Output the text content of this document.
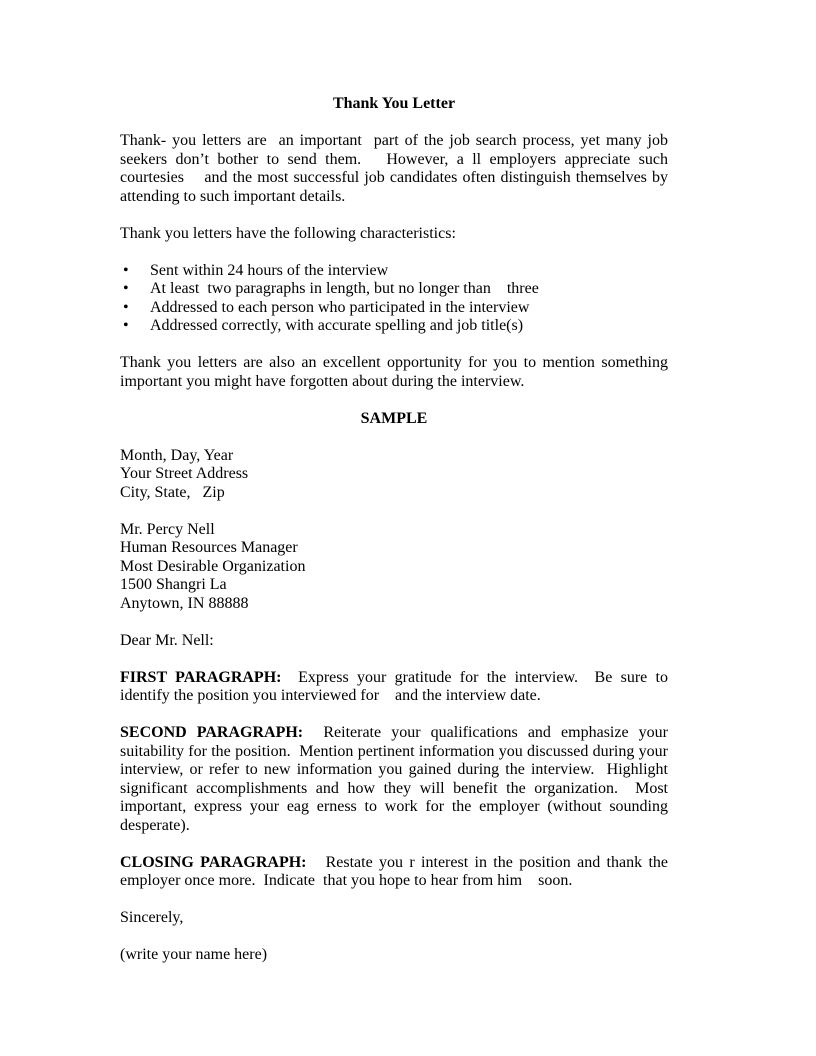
Thank You Letter

Thank- you letters are  an important  part of the job search process, yet many job seekers don’t bother to send them.   However, a ll employers appreciate such courtesies    and the most successful job candidates often distinguish themselves by attending to such important details.

Thank you letters have the following characteristics:

• Sent within 24 hours of the interview
• At least  two paragraphs in length, but no longer than    three
• Addressed to each person who participated in the interview
• Addressed correctly, with accurate spelling and job title(s)

Thank you letters are also an excellent opportunity for you to mention something important you might have forgotten about during the interview.

SAMPLE
Month, Day, Year
Your Street Address
City, State,   Zip
Mr. Percy Nell
Human Resources Manager
Most Desirable Organization
1500 Shangri La
Anytown, IN 88888

Dear Mr. Nell:

FIRST PARAGRAPH:  Express your gratitude for the interview.  Be sure to identify the position you interviewed for    and the interview date.

SECOND PARAGRAPH:  Reiterate your qualifications and emphasize your suitability for the position.  Mention pertinent information you discussed during your interview, or refer to new information you gained during the interview.  Highlight significant accomplishments and how they will benefit the organization.  Most important, express your eag erness to work for the employer (without sounding desperate).

CLOSING PARAGRAPH:   Restate you r interest in the position and thank the employer once more.  Indicate  that you hope to hear from him    soon.

Sincerely,

(write your name here)
